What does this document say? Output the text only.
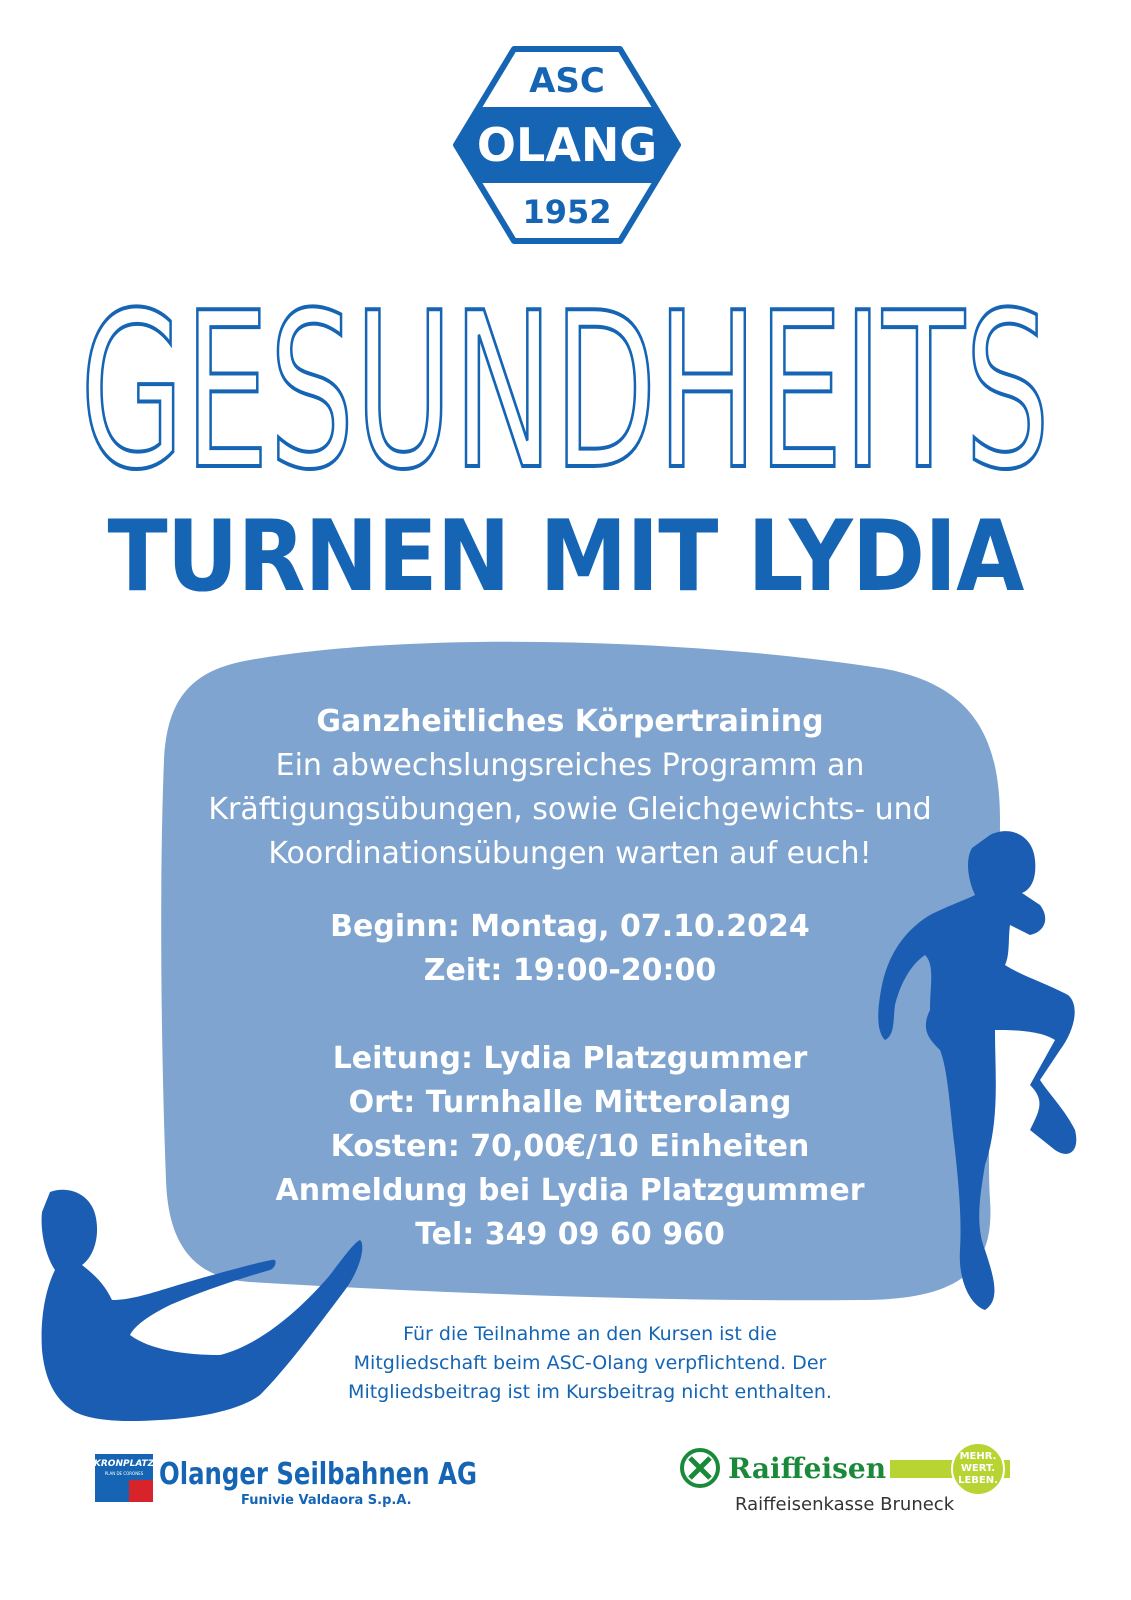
ASC
OLANG
1952
GESUNDHEITS
TURNEN MIT LYDIA
Ganzheitliches Körpertraining
Ein abwechslungsreiches Programm an
Kräftigungsübungen, sowie Gleichgewichts- und
Koordinationsübungen warten auf euch!
Beginn: Montag, 07.10.2024
Zeit: 19:00-20:00
Leitung: Lydia Platzgummer
Ort: Turnhalle Mitterolang
Kosten: 70,00€/10 Einheiten
Anmeldung bei Lydia Platzgummer
Tel: 349 09 60 960
Für die Teilnahme an den Kursen ist die
Mitgliedschaft beim ASC-Olang verpflichtend. Der
Mitgliedsbeitrag ist im Kursbeitrag nicht enthalten.
KRONPLATZ
PLAN DE CORONES Olanger Seilbahnen AG
Funivie Valdaora S.p.A.
Raiffeisen	MEHR.
WERT.
LEBEN.
Raiffeisenkasse Bruneck
